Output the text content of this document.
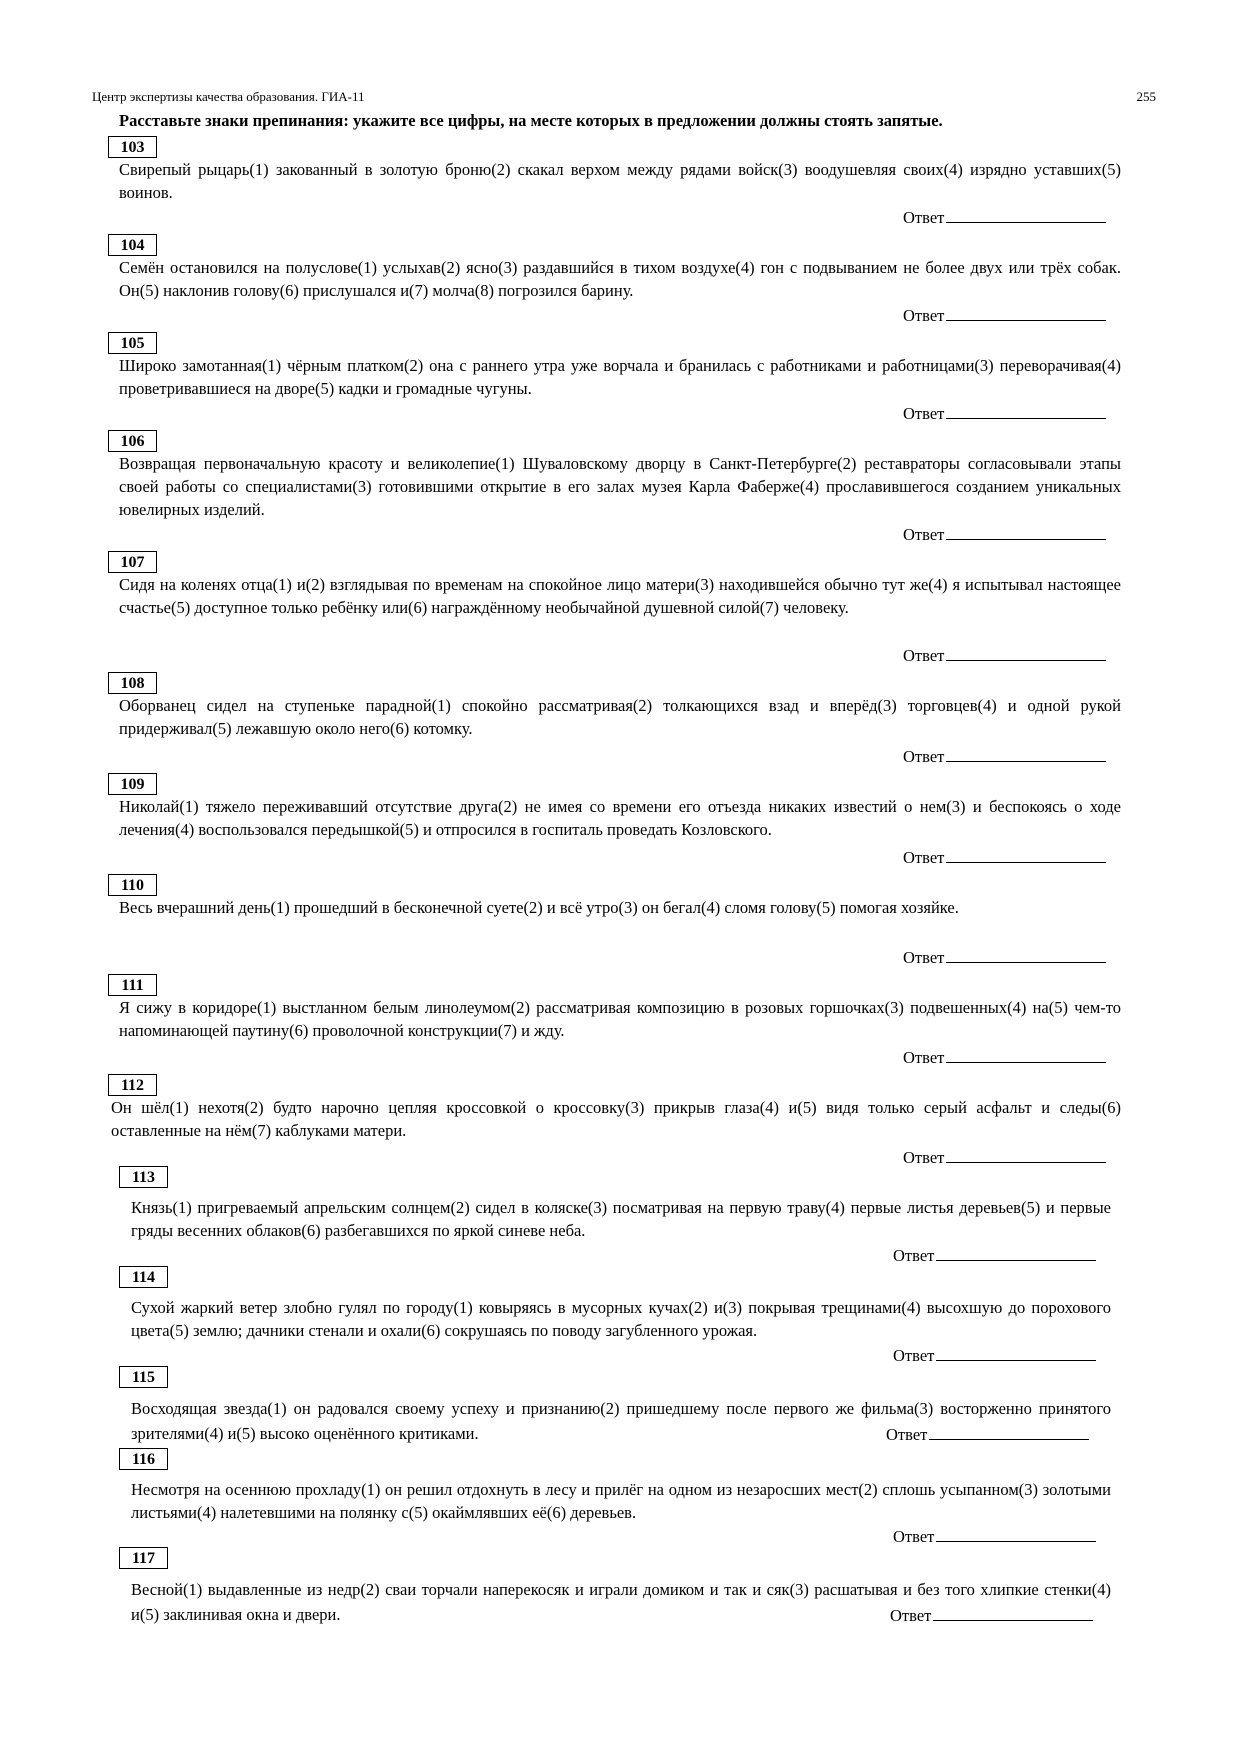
Центр экспертизы качества образования. ГИА-11	255
Расставьте знаки препинания: укажите все цифры, на месте которых в предложении должны стоять запятые.
103

Свирепый рыцарь(1) закованный в золотую броню(2) скакал верхом между рядами войск(3) воодушевляя своих(4) изрядно уставших(5) воинов.

Ответ
104

Семён остановился на полуслове(1) услыхав(2) ясно(3) раздавшийся в тихом воздухе(4) гон с подвыванием не более двух или трёх собак. Он(5) наклонив голову(6) прислушался и(7) молча(8) погрозился барину.

Ответ
105

Широко замотанная(1) чёрным платком(2) она с раннего утра уже ворчала и бранилась с работниками и работницами(3) переворачивая(4) проветривавшиеся на дворе(5) кадки и громадные чугуны.

Ответ
106

Возвращая первоначальную красоту и великолепие(1) Шуваловскому дворцу в Санкт-Петербурге(2) реставраторы согласовывали этапы своей работы со специалистами(3) готовившими открытие в его залах музея Карла Фаберже(4) прославившегося созданием уникальных ювелирных изделий.

Ответ
107

Сидя на коленях отца(1) и(2) взглядывая по временам на спокойное лицо матери(3) находившейся обычно тут же(4) я испытывал настоящее счастье(5) доступное только ребёнку или(6) награждённому необычайной душевной силой(7) человеку.

Ответ
108

Оборванец сидел на ступеньке парадной(1) спокойно рассматривая(2) толкающихся взад и вперёд(3) торговцев(4) и одной рукой придерживал(5) лежавшую около него(6) котомку.

Ответ
109

Николай(1) тяжело переживавший отсутствие друга(2) не имея со времени его отъезда никаких известий о нем(3) и беспокоясь о ходе лечения(4) воспользовался передышкой(5) и отпросился в госпиталь проведать Козловского.

Ответ
110

Весь вчерашний день(1) прошедший в бесконечной суете(2) и всё утро(3) он бегал(4) сломя голову(5) помогая хозяйке.

Ответ
111

Я сижу в коридоре(1) выстланном белым линолеумом(2) рассматривая композицию в розовых горшочках(3) подвешенных(4) на(5) чем-то напоминающей паутину(6) проволочной конструкции(7) и жду.

Ответ
112

Он шёл(1) нехотя(2) будто нарочно цепляя кроссовкой о кроссовку(3) прикрыв глаза(4) и(5) видя только серый асфальт и следы(6) оставленные на нём(7) каблуками матери.

Ответ
113

Князь(1) пригреваемый апрельским солнцем(2) сидел в коляске(3) посматривая на первую траву(4) первые листья деревьев(5) и первые гряды весенних облаков(6) разбегавшихся по яркой синеве неба.

Ответ
114

Сухой жаркий ветер злобно гулял по городу(1) ковыряясь в мусорных кучах(2) и(3) покрывая трещинами(4) высохшую до порохового цвета(5) землю; дачники стенали и охали(6) сокрушаясь по поводу загубленного урожая.

Ответ
115

Восходящая звезда(1) он радовался своему успеху и признанию(2) пришедшему после первого же фильма(3) восторженно принятого зрителями(4) и(5) высоко оценённого критиками.	Ответ
116

Несмотря на осеннюю прохладу(1) он решил отдохнуть в лесу и прилёг на одном из незаросших мест(2) сплошь усыпанном(3) золотыми листьями(4) налетевшими на полянку с(5) окаймлявших её(6) деревьев.

Ответ
117

Весной(1) выдавленные из недр(2) сваи торчали наперекосяк и играли домиком и так и сяк(3) расшатывая и без того хлипкие стенки(4) и(5) заклинивая окна и двери.	Ответ
